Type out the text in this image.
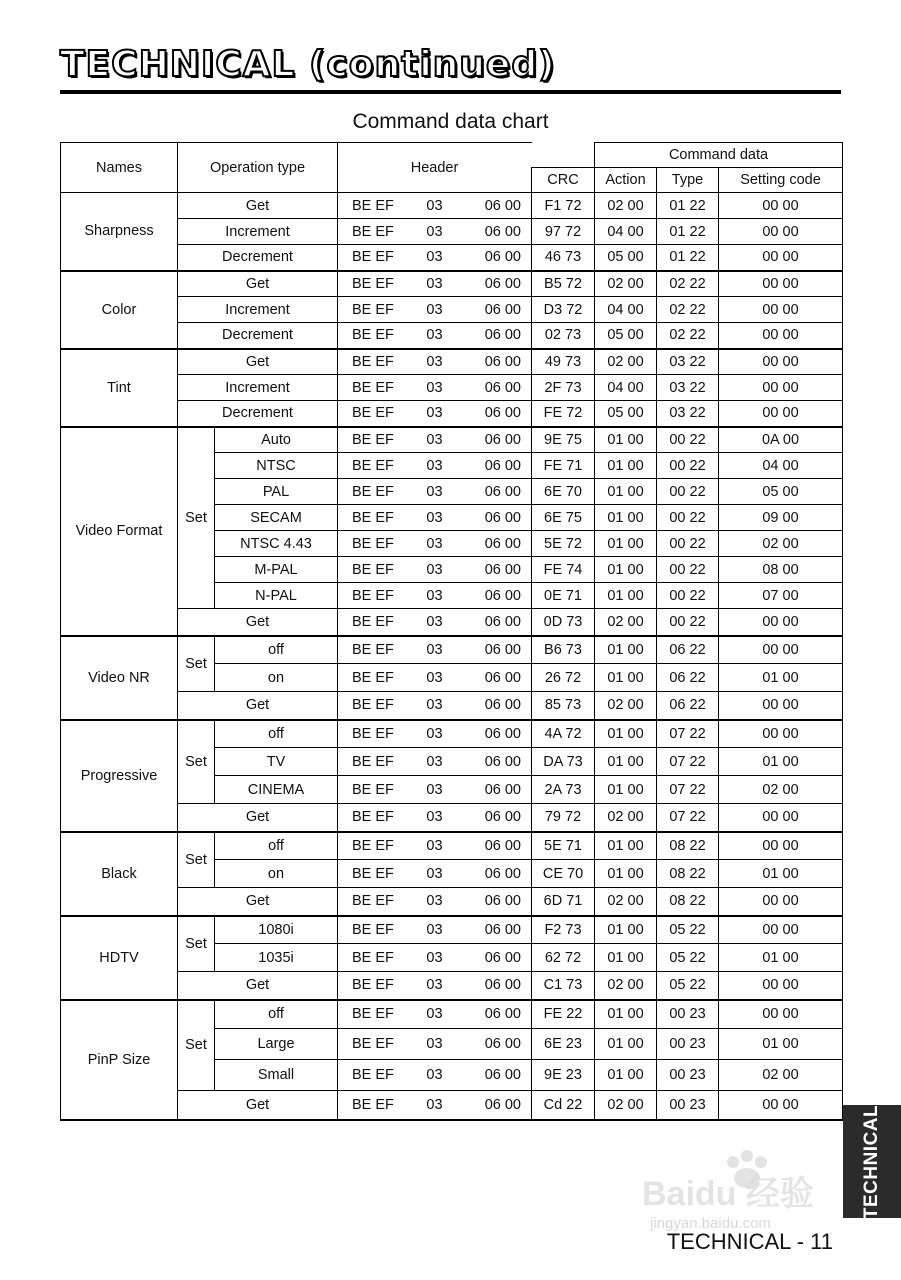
TECHNICAL (continued)
Command data chart
Names	Operation type		Header		Command data		
				CRC	Action	Type	Setting code
Sharpness	Get		BE EF 03 06 00	F1 72	02 00	01 22	00 00
	Increment		BE EF 03 06 00	97 72	04 00	01 22	00 00
	Decrement		BE EF 03 06 00	46 73	05 00	01 22	00 00
Color	Get		BE EF 03 06 00	B5 72	02 00	02 22	00 00
	Increment		BE EF 03 06 00	D3 72	04 00	02 22	00 00
	Decrement		BE EF 03 06 00	02 73	05 00	02 22	00 00
Tint	Get		BE EF 03 06 00	49 73	02 00	03 22	00 00
	Increment		BE EF 03 06 00	2F 73	04 00	03 22	00 00
	Decrement		BE EF 03 06 00	FE 72	05 00	03 22	00 00
Video Format	Set	Auto	BE EF 03 06 00	9E 75	01 00	00 22	0A 00
		NTSC	BE EF 03 06 00	FE 71	01 00	00 22	04 00
		PAL	BE EF 03 06 00	6E 70	01 00	00 22	05 00
		SECAM	BE EF 03 06 00	6E 75	01 00	00 22	09 00
		NTSC 4.43	BE EF 03 06 00	5E 72	01 00	00 22	02 00
		M-PAL	BE EF 03 06 00	FE 74	01 00	00 22	08 00
		N-PAL	BE EF 03 06 00	0E 71	01 00	00 22	07 00
	Get		BE EF 03 06 00	0D 73	02 00	00 22	00 00
Video NR	Set	off	BE EF 03 06 00	B6 73	01 00	06 22	00 00
		on	BE EF 03 06 00	26 72	01 00	06 22	01 00
	Get		BE EF 03 06 00	85 73	02 00	06 22	00 00
Progressive	Set	off	BE EF 03 06 00	4A 72	01 00	07 22	00 00
		TV	BE EF 03 06 00	DA 73	01 00	07 22	01 00
		CINEMA	BE EF 03 06 00	2A 73	01 00	07 22	02 00
	Get		BE EF 03 06 00	79 72	02 00	07 22	00 00
Black	Set	off	BE EF 03 06 00	5E 71	01 00	08 22	00 00
		on	BE EF 03 06 00	CE 70	01 00	08 22	01 00
	Get		BE EF 03 06 00	6D 71	02 00	08 22	00 00
HDTV	Set	1080i	BE EF 03 06 00	F2 73	01 00	05 22	00 00
		1035i	BE EF 03 06 00	62 72	01 00	05 22	01 00
	Get		BE EF 03 06 00	C1 73	02 00	05 22	00 00
PinP Size	Set	off	BE EF 03 06 00	FE 22	01 00	00 23	00 00
		Large	BE EF 03 06 00	6E 23	01 00	00 23	01 00
		Small	BE EF 03 06 00	9E 23	01 00	00 23	02 00
	Get		BE EF 03 06 00	Cd 22	02 00	00 23	00 00	TECHNICAL
Baidu 经验
jingyan.baidu.com
TECHNICAL - 11
